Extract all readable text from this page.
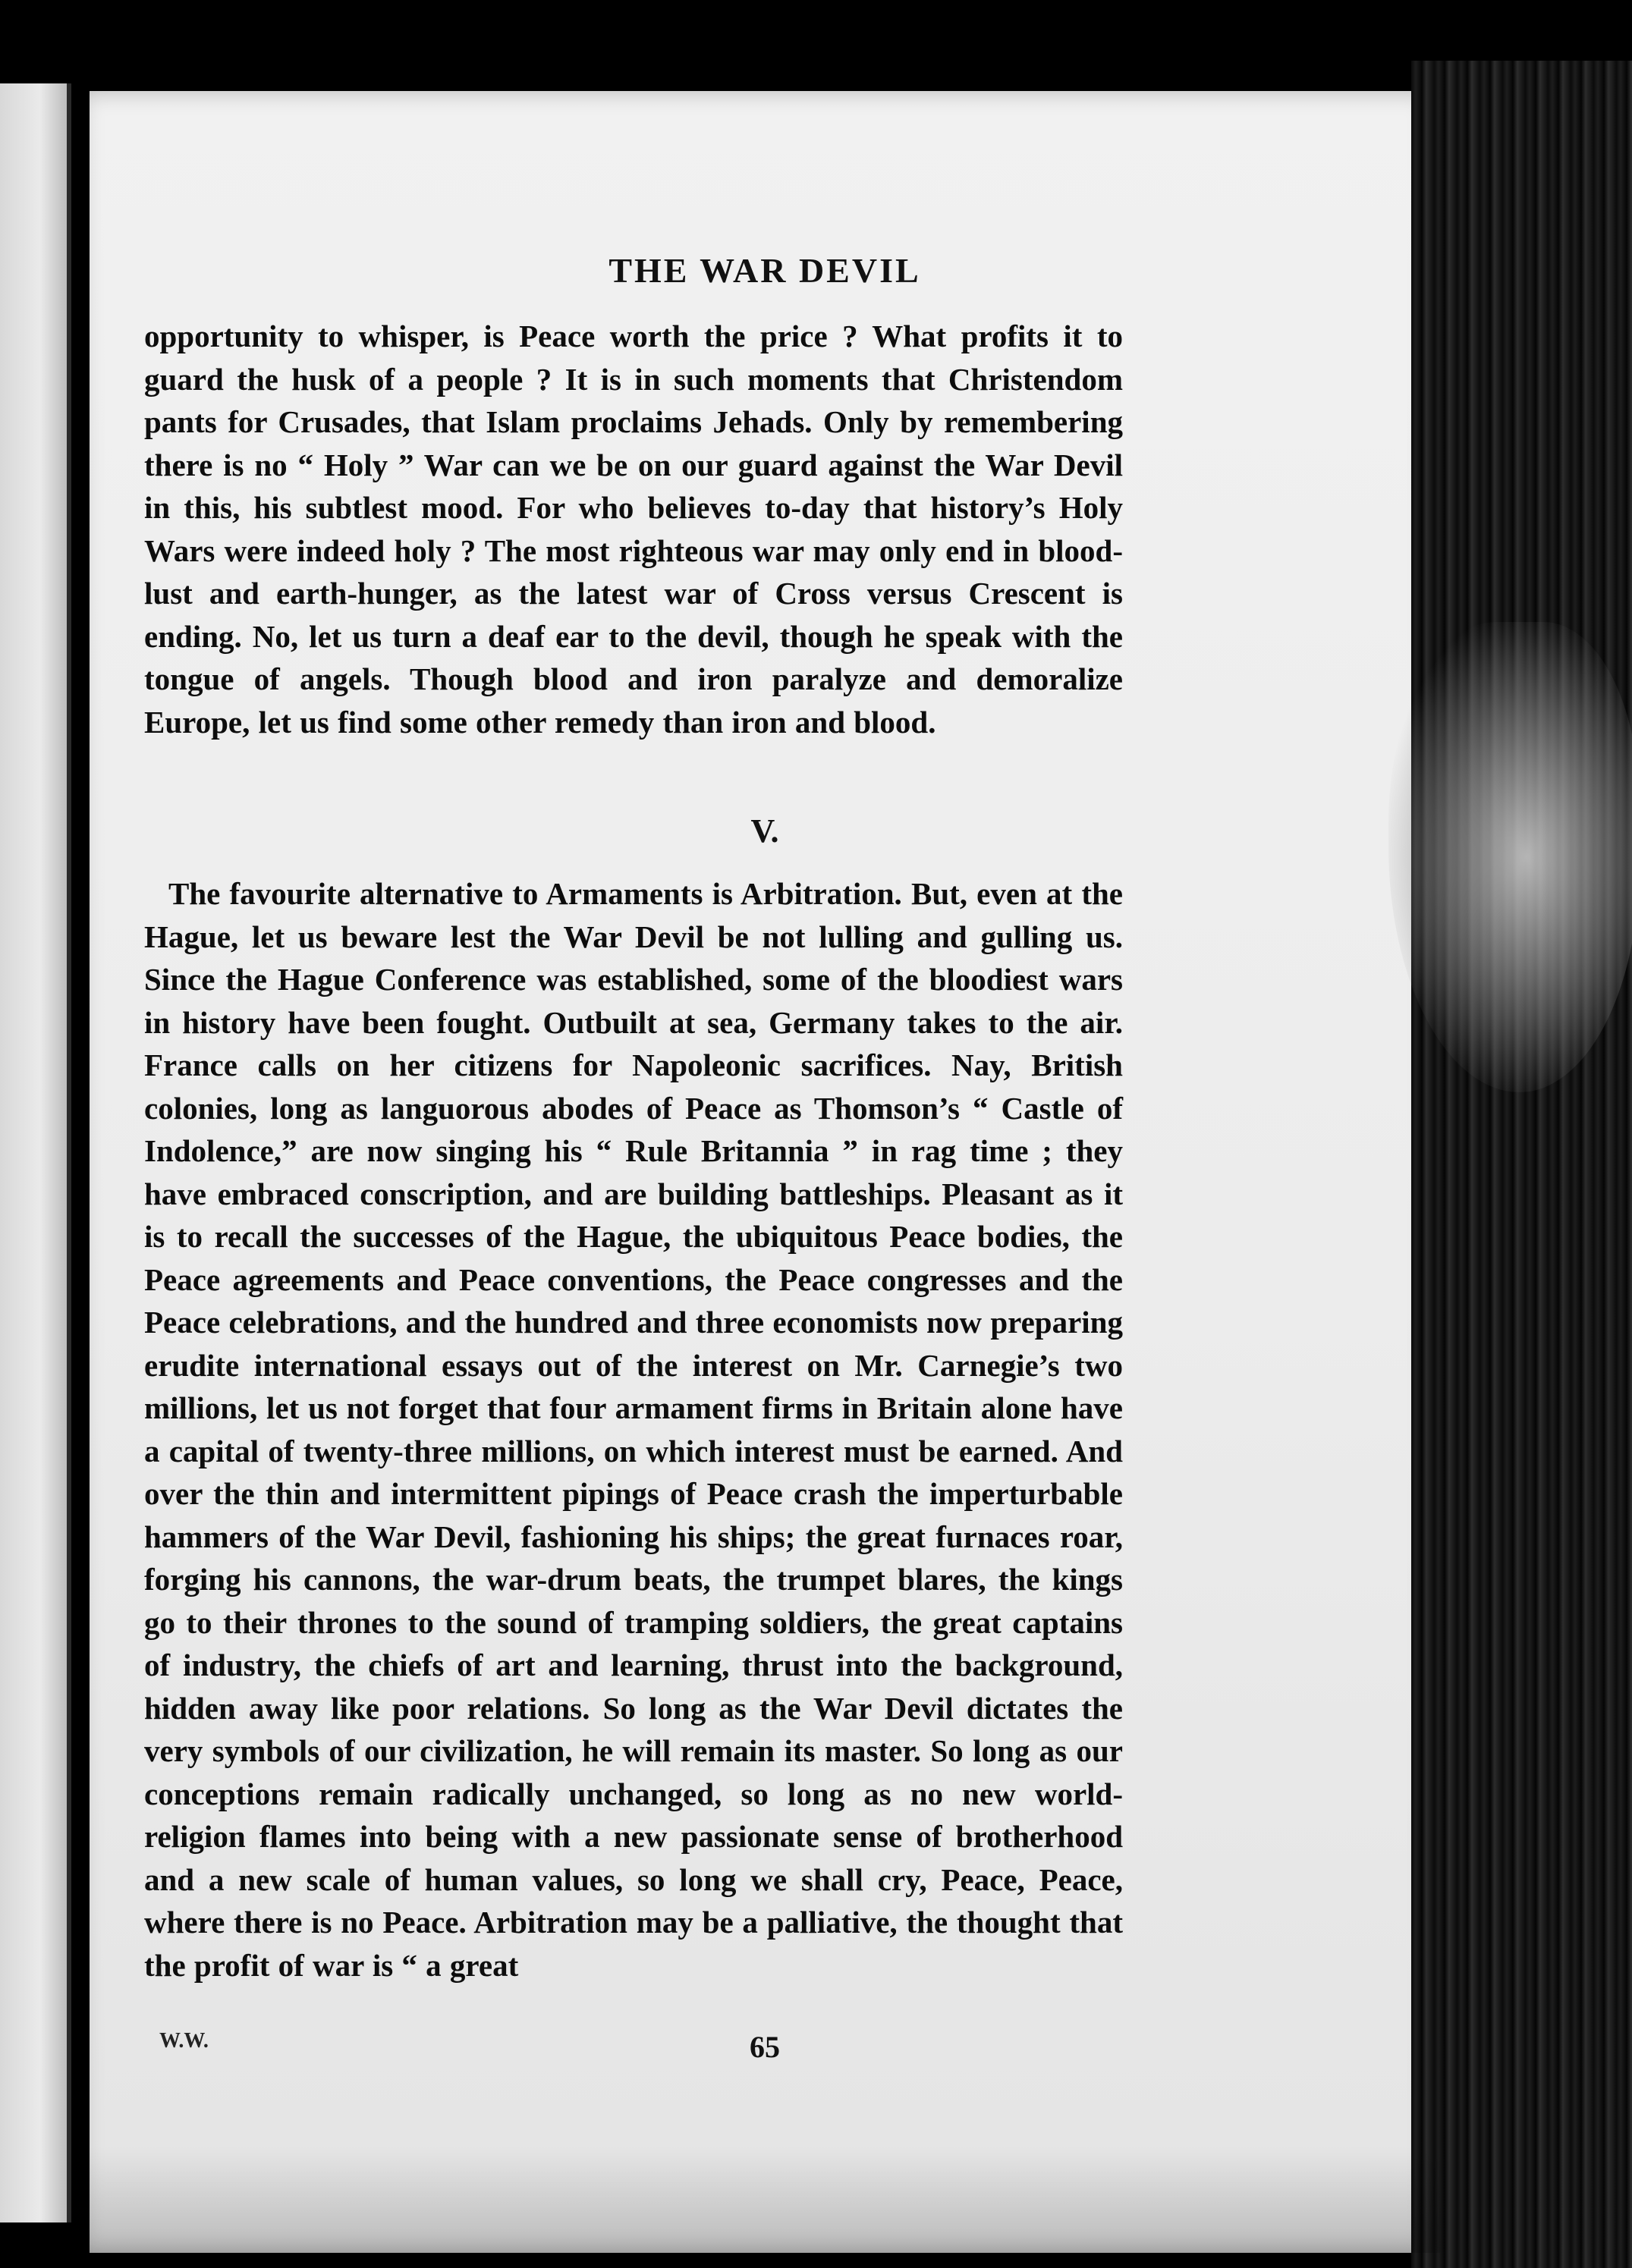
THE WAR DEVIL
opportunity to whisper, is Peace worth the price ? What profits it to guard the husk of a people ? It is in such moments that Christendom pants for Crusades, that Islam proclaims Jehads. Only by remembering there is no “ Holy ” War can we be on our guard against the War Devil in this, his subtlest mood. For who believes to-day that history’s Holy Wars were indeed holy ? The most righteous war may only end in blood-lust and earth-hunger, as the latest war of Cross versus Crescent is ending. No, let us turn a deaf ear to the devil, though he speak with the tongue of angels. Though blood and iron paralyze and demoralize Europe, let us find some other remedy than iron and blood.
V.
The favourite alternative to Armaments is Arbitration. But, even at the Hague, let us beware lest the War Devil be not lulling and gulling us. Since the Hague Conference was established, some of the bloodiest wars in history have been fought. Outbuilt at sea, Germany takes to the air. France calls on her citizens for Napoleonic sacrifices. Nay, British colonies, long as languorous abodes of Peace as Thomson’s “ Castle of Indolence,” are now singing his “ Rule Britannia ” in rag time ; they have embraced conscription, and are building battleships. Pleasant as it is to recall the successes of the Hague, the ubiquitous Peace bodies, the Peace agreements and Peace conventions, the Peace congresses and the Peace celebrations, and the hundred and three economists now preparing erudite international essays out of the interest on Mr. Carnegie’s two millions, let us not forget that four armament firms in Britain alone have a capital of twenty-three millions, on which interest must be earned. And over the thin and intermittent pipings of Peace crash the imperturbable hammers of the War Devil, fashioning his ships; the great furnaces roar, forging his cannons, the war-drum beats, the trumpet blares, the kings go to their thrones to the sound of tramping soldiers, the great captains of industry, the chiefs of art and learning, thrust into the background, hidden away like poor relations. So long as the War Devil dictates the very symbols of our civilization, he will remain its master. So long as our conceptions remain radically unchanged, so long as no new world-religion flames into being with a new passionate sense of brotherhood and a new scale of human values, so long we shall cry, Peace, Peace, where there is no Peace. Arbitration may be a palliative, the thought that the profit of war is “ a great
W.W.	65
